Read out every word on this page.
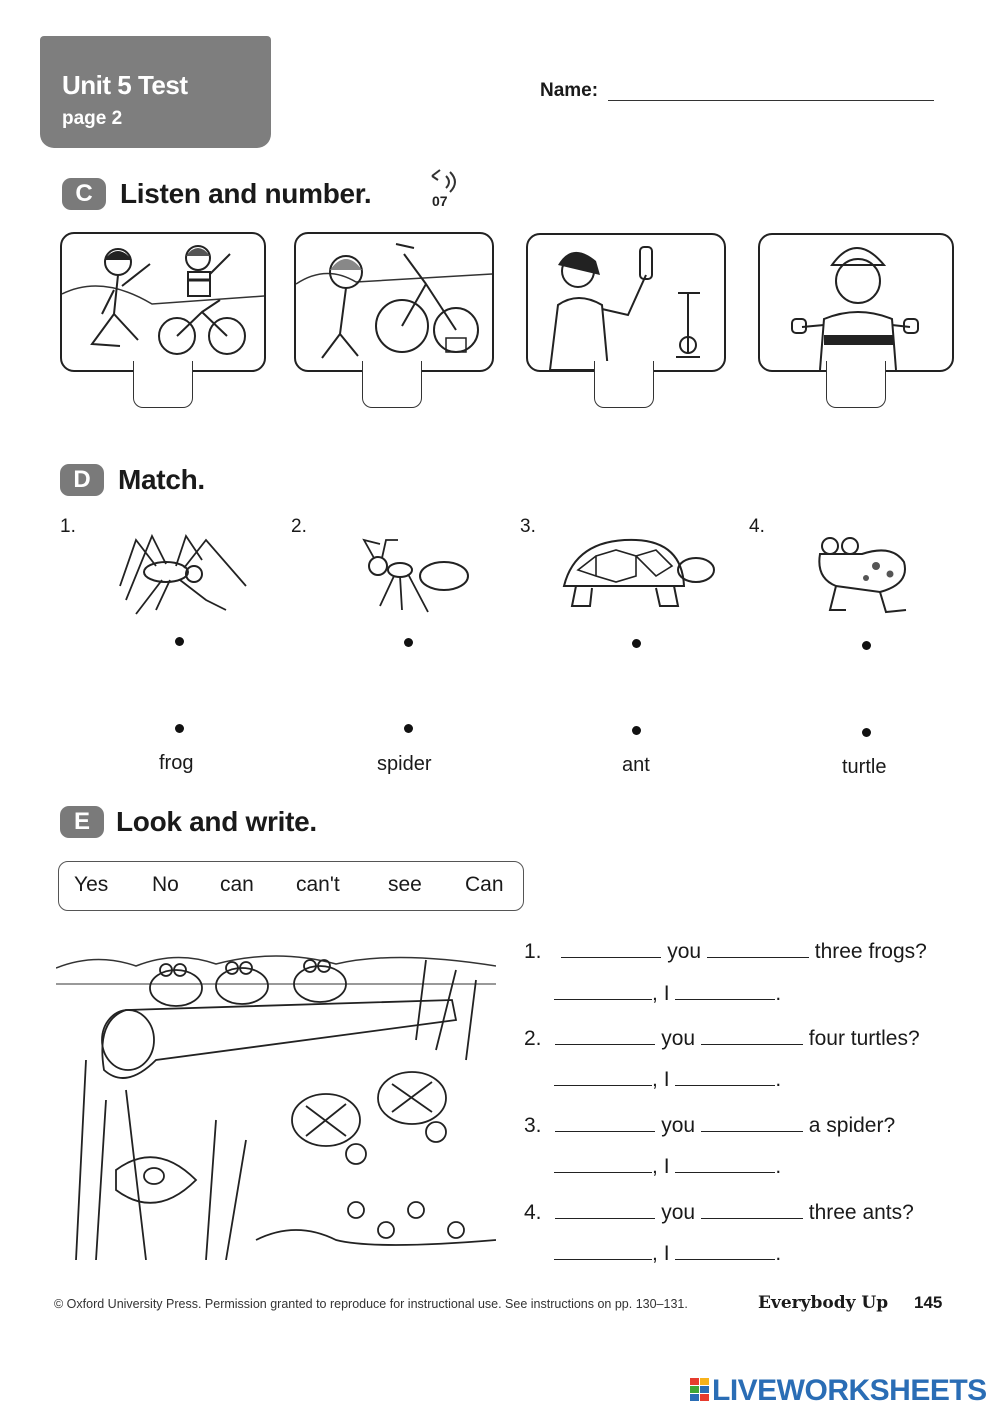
Unit 5 Test
page 2
Name:
C Listen and number.	07
D Match.
1.	2.	3.	4.
frog	spider	ant	turtle
E Look and write.
Yes No can can't see Can
1.	you	three frogs?
, I	.
2.	you	four turtles?
, I	.
3.	you	a spider?
, I	.
4.	you	three ants?
, I	.
© Oxford University Press. Permission granted to reproduce for instructional use. See instructions on pp. 130–131.	Everybody Up 145
LIVEWORKSHEETS
